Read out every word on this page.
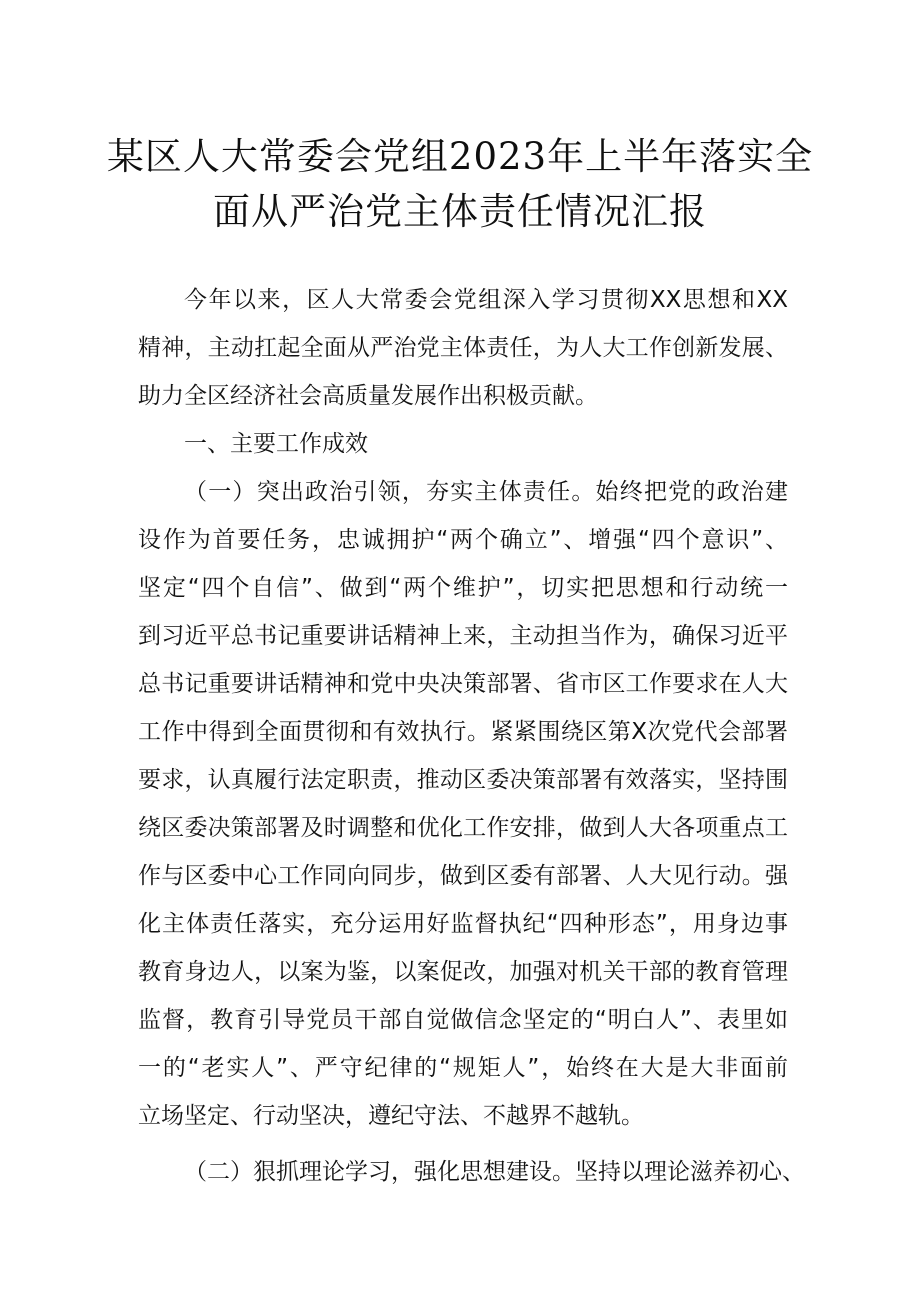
某区人大常委会党组2023年上半年落实全
面从严治党主体责任情况汇报
今年以来，区人大常委会党组深入学习贯彻XX思想和XX
精神，主动扛起全面从严治党主体责任，为人大工作创新发展、
助力全区经济社会高质量发展作出积极贡献。
一、主要工作成效
（一）突出政治引领，夯实主体责任。始终把党的政治建
设作为首要任务，忠诚拥护“两个确立”、增强“四个意识”、
坚定“四个自信”、做到“两个维护”，切实把思想和行动统一
到习近平总书记重要讲话精神上来，主动担当作为，确保习近平
总书记重要讲话精神和党中央决策部署、省市区工作要求在人大
工作中得到全面贯彻和有效执行。紧紧围绕区第X次党代会部署
要求，认真履行法定职责，推动区委决策部署有效落实，坚持围
绕区委决策部署及时调整和优化工作安排，做到人大各项重点工
作与区委中心工作同向同步，做到区委有部署、人大见行动。强
化主体责任落实，充分运用好监督执纪“四种形态”，用身边事
教育身边人，以案为鉴，以案促改，加强对机关干部的教育管理
监督，教育引导党员干部自觉做信念坚定的“明白人”、表里如
一的“老实人”、严守纪律的“规矩人”，始终在大是大非面前
立场坚定、行动坚决，遵纪守法、不越界不越轨。
（二）狠抓理论学习，强化思想建设。坚持以理论滋养初心、
